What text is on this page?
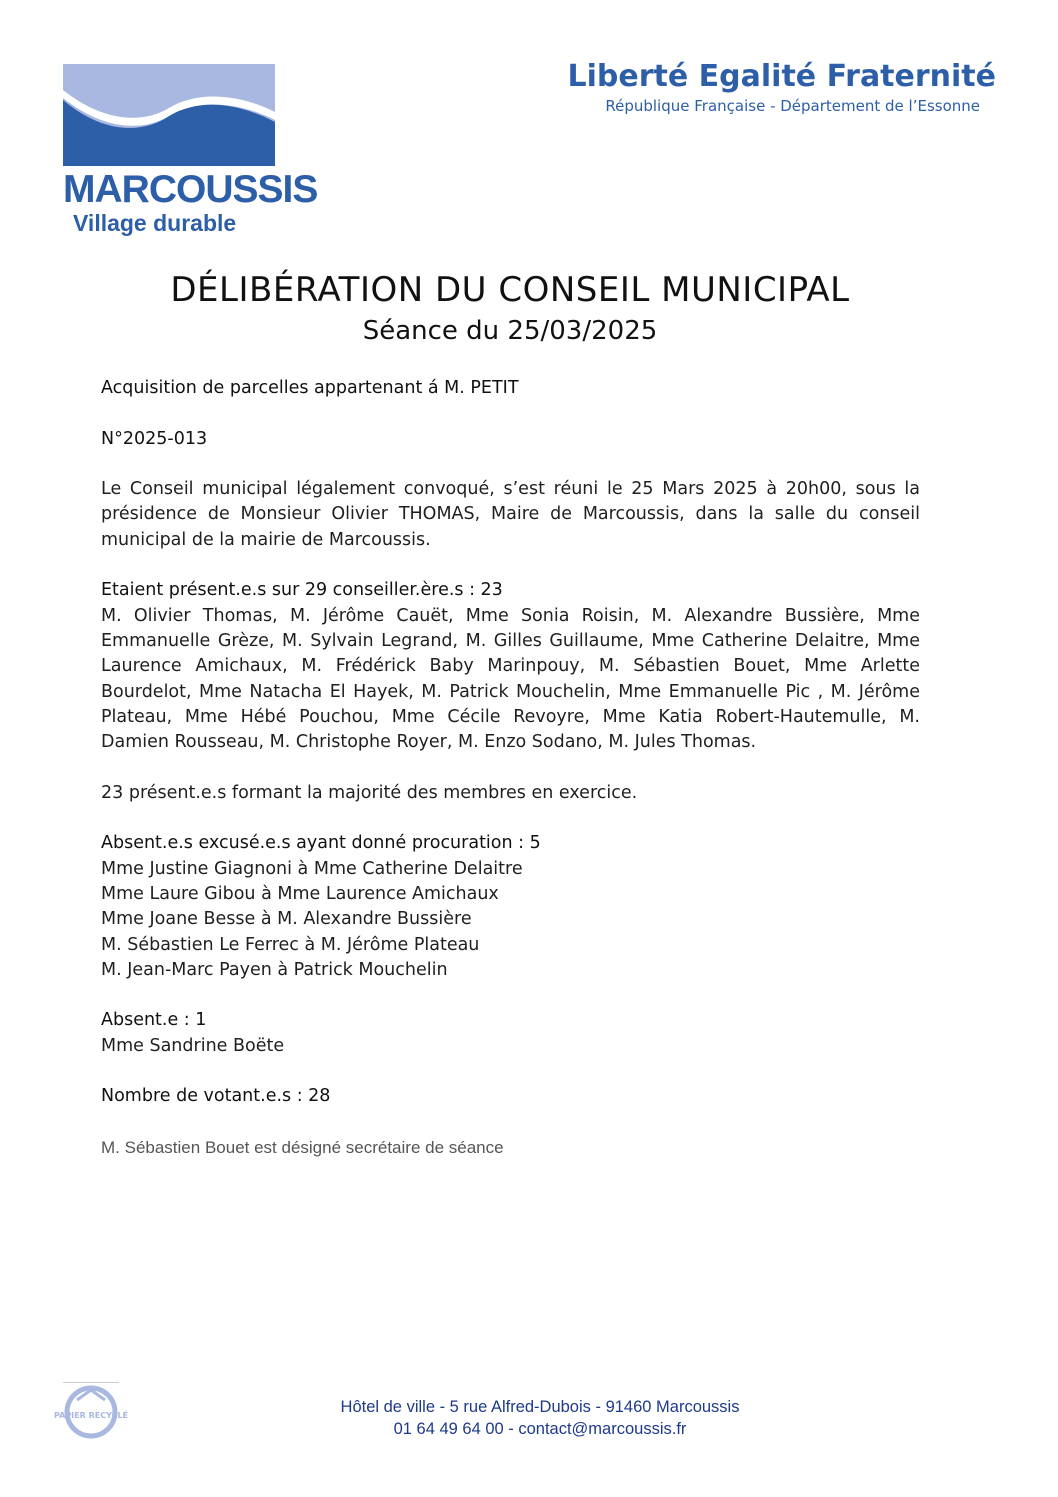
MARCOUSSIS
Village durable
Liberté Egalité Fraternité
République Française - Département de l’Essonne
DÉLIBÉRATION DU CONSEIL MUNICIPAL
Séance du 25/03/2025

Acquisition de parcelles appartenant á M. PETIT

N°2025-013

Le Conseil municipal légalement convoqué, s’est réuni le 25 Mars 2025 à 20h00, sous la présidence de Monsieur Olivier THOMAS, Maire de Marcoussis, dans la salle du conseil municipal de la mairie de Marcoussis.

Etaient présent.e.s sur 29 conseiller.ère.s : 23

M. Olivier Thomas, M. Jérôme Cauët, Mme Sonia Roisin, M. Alexandre Bussière, Mme Emmanuelle Grèze, M. Sylvain Legrand, M. Gilles Guillaume, Mme Catherine Delaitre, Mme Laurence Amichaux, M. Frédérick Baby Marinpouy, M. Sébastien Bouet, Mme Arlette Bourdelot, Mme Natacha El Hayek, M. Patrick Mouchelin, Mme Emmanuelle Pic , M. Jérôme Plateau, Mme Hébé Pouchou, Mme Cécile Revoyre, Mme Katia Robert-Hautemulle, M. Damien Rousseau, M. Christophe Royer, M. Enzo Sodano, M. Jules Thomas.

23 présent.e.s formant la majorité des membres en exercice.

Absent.e.s excusé.e.s ayant donné procuration : 5

Mme Justine Giagnoni à Mme Catherine Delaitre

Mme Laure Gibou à Mme Laurence Amichaux

Mme Joane Besse à M. Alexandre Bussière

M. Sébastien Le Ferrec à M. Jérôme Plateau

M. Jean-Marc Payen à Patrick Mouchelin

Absent.e : 1

Mme Sandrine Boëte

Nombre de votant.e.s : 28

M. Sébastien Bouet est désigné secrétaire de séance

PAPIER RECYCLÉ	Hôtel de ville - 5 rue Alfred-Dubois - 91460 Marcoussis
01 64 49 64 00 - contact@marcoussis.fr
